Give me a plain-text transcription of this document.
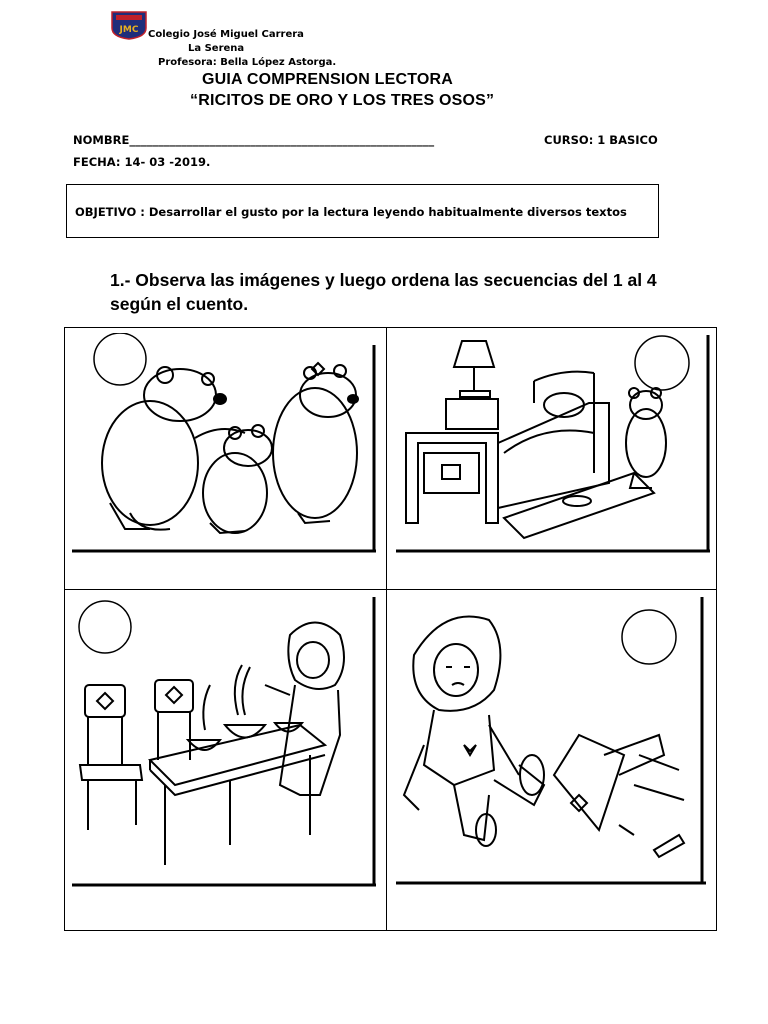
JMC Colegio José Miguel Carrera
La Serena
Profesora: Bella López Astorga.
GUIA COMPRENSION LECTORA
“RICITOS DE ORO Y LOS TRES OSOS”
NOMBRE_____________________________________________________	CURSO: 1 BASICO
FECHA: 14- 03 -2019.
OBJETIVO : Desarrollar el gusto por la lectura leyendo habitualmente diversos textos
1.- Observa las imágenes y luego ordena las secuencias del 1 al 4 según el cuento.
